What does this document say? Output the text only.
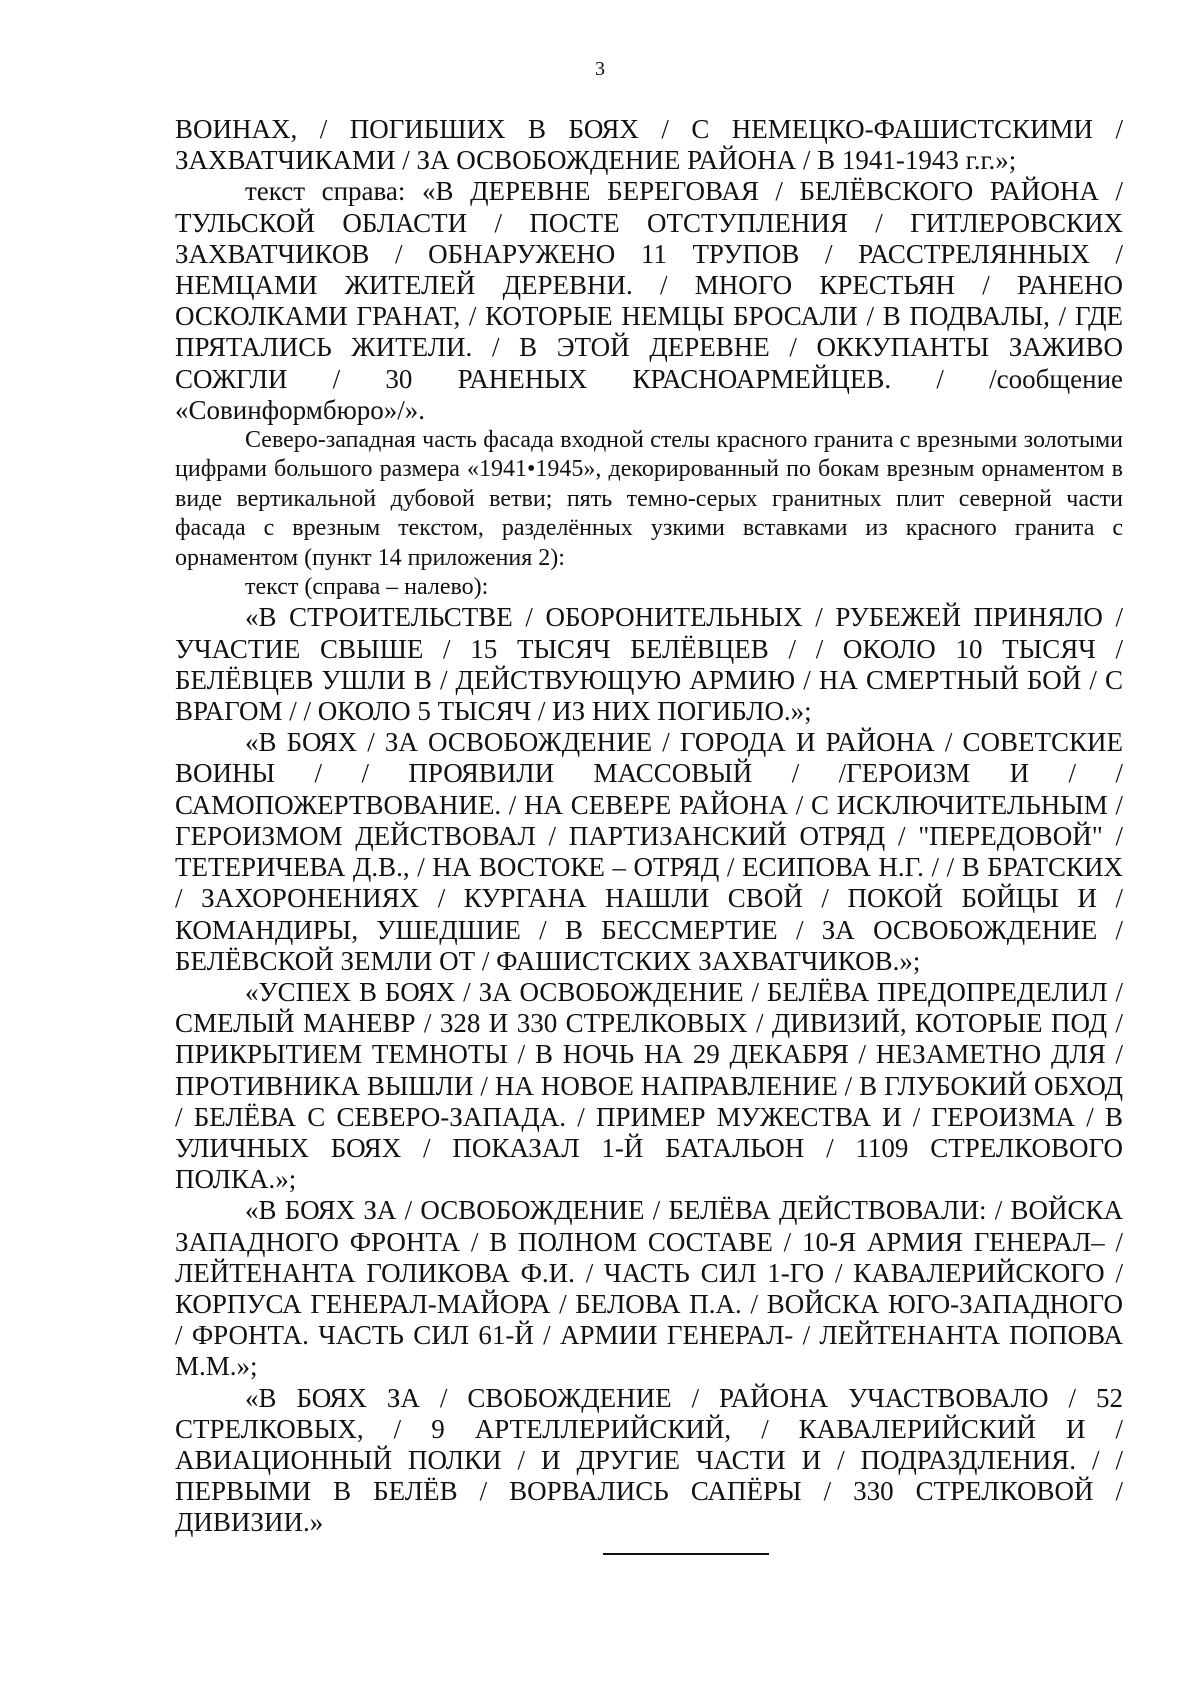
3

ВОИНАХ, / ПОГИБШИХ В БОЯХ / С НЕМЕЦКО-ФАШИСТСКИМИ / ЗАХВАТЧИКАМИ / ЗА ОСВОБОЖДЕНИЕ РАЙОНА / В 1941-1943 г.г.»;

текст справа: «В ДЕРЕВНЕ БЕРЕГОВАЯ / БЕЛЁВСКОГО РАЙОНА / ТУЛЬСКОЙ ОБЛАСТИ / ПОСТЕ ОТСТУПЛЕНИЯ / ГИТЛЕРОВСКИХ ЗАХВАТЧИКОВ / ОБНАРУЖЕНО 11 ТРУПОВ / РАССТРЕЛЯННЫХ / НЕМЦАМИ ЖИТЕЛЕЙ ДЕРЕВНИ. / МНОГО КРЕСТЬЯН / РАНЕНО ОСКОЛКАМИ ГРАНАТ, / КОТОРЫЕ НЕМЦЫ БРОСАЛИ / В ПОДВАЛЫ, / ГДЕ ПРЯТАЛИСЬ ЖИТЕЛИ. / В ЭТОЙ ДЕРЕВНЕ / ОККУПАНТЫ ЗАЖИВО СОЖГЛИ / 30 РАНЕНЫХ КРАСНОАРМЕЙЦЕВ. / /сообщение «Совинформбюро»/».

Северо-западная часть фасада входной стелы красного гранита с врезными золотыми цифрами большого размера «1941•1945», декорированный по бокам врезным орнаментом в виде вертикальной дубовой ветви; пять темно-серых гранитных плит северной части фасада с врезным текстом, разделённых узкими вставками из красного гранита с орнаментом (пункт 14 приложения 2):

текст (справа – налево):

«В СТРОИТЕЛЬСТВЕ / ОБОРОНИТЕЛЬНЫХ / РУБЕЖЕЙ ПРИНЯЛО / УЧАСТИЕ СВЫШЕ / 15 ТЫСЯЧ БЕЛЁВЦЕВ / / ОКОЛО 10 ТЫСЯЧ / БЕЛЁВЦЕВ УШЛИ В / ДЕЙСТВУЮЩУЮ АРМИЮ / НА СМЕРТНЫЙ БОЙ / С ВРАГОМ / / ОКОЛО 5 ТЫСЯЧ / ИЗ НИХ ПОГИБЛО.»;

«В БОЯХ / ЗА ОСВОБОЖДЕНИЕ / ГОРОДА И РАЙОНА / СОВЕТСКИЕ ВОИНЫ / / ПРОЯВИЛИ МАССОВЫЙ / /ГЕРОИЗМ И / /САМОПОЖЕРТВОВАНИЕ. / НА СЕВЕРЕ РАЙОНА / С ИСКЛЮЧИТЕЛЬНЫМ / ГЕРОИЗМОМ ДЕЙСТВОВАЛ / ПАРТИЗАНСКИЙ ОТРЯД / "ПЕРЕДОВОЙ" / ТЕТЕРИЧЕВА Д.В., / НА ВОСТОКЕ – ОТРЯД / ЕСИПОВА Н.Г. / / В БРАТСКИХ / ЗАХОРОНЕНИЯХ / КУРГАНА НАШЛИ СВОЙ / ПОКОЙ БОЙЦЫ И / КОМАНДИРЫ, УШЕДШИЕ / В БЕССМЕРТИЕ / ЗА ОСВОБОЖДЕНИЕ / БЕЛЁВСКОЙ ЗЕМЛИ ОТ / ФАШИСТСКИХ ЗАХВАТЧИКОВ.»;

«УСПЕХ В БОЯХ / ЗА ОСВОБОЖДЕНИЕ / БЕЛЁВА ПРЕДОПРЕДЕЛИЛ / СМЕЛЫЙ МАНЕВР / 328 И 330 СТРЕЛКОВЫХ / ДИВИЗИЙ, КОТОРЫЕ ПОД / ПРИКРЫТИЕМ ТЕМНОТЫ / В НОЧЬ НА 29 ДЕКАБРЯ / НЕЗАМЕТНО ДЛЯ / ПРОТИВНИКА ВЫШЛИ / НА НОВОЕ НАПРАВЛЕНИЕ / В ГЛУБОКИЙ ОБХОД / БЕЛЁВА С СЕВЕРО-ЗАПАДА. / ПРИМЕР МУЖЕСТВА И / ГЕРОИЗМА / В УЛИЧНЫХ БОЯХ / ПОКАЗАЛ 1-Й БАТАЛЬОН / 1109 СТРЕЛКОВОГО ПОЛКА.»;

«В БОЯХ ЗА / ОСВОБОЖДЕНИЕ / БЕЛЁВА ДЕЙСТВОВАЛИ: / ВОЙСКА ЗАПАДНОГО ФРОНТА / В ПОЛНОМ СОСТАВЕ / 10-Я АРМИЯ ГЕНЕРАЛ– / ЛЕЙТЕНАНТА ГОЛИКОВА Ф.И. / ЧАСТЬ СИЛ 1-ГО / КАВАЛЕРИЙСКОГО / КОРПУСА ГЕНЕРАЛ-МАЙОРА / БЕЛОВА П.А. / ВОЙСКА ЮГО-ЗАПАДНОГО / ФРОНТА. ЧАСТЬ СИЛ 61-Й / АРМИИ ГЕНЕРАЛ- / ЛЕЙТЕНАНТА ПОПОВА М.М.»;

«В БОЯХ ЗА / СВОБОЖДЕНИЕ / РАЙОНА УЧАСТВОВАЛО / 52 СТРЕЛКОВЫХ, / 9 АРТЕЛЛЕРИЙСКИЙ, / КАВАЛЕРИЙСКИЙ И / АВИАЦИОННЫЙ ПОЛКИ / И ДРУГИЕ ЧАСТИ И / ПОДРАЗДЛЕНИЯ. / / ПЕРВЫМИ В БЕЛЁВ / ВОРВАЛИСЬ САПЁРЫ / 330 СТРЕЛКОВОЙ / ДИВИЗИИ.»
